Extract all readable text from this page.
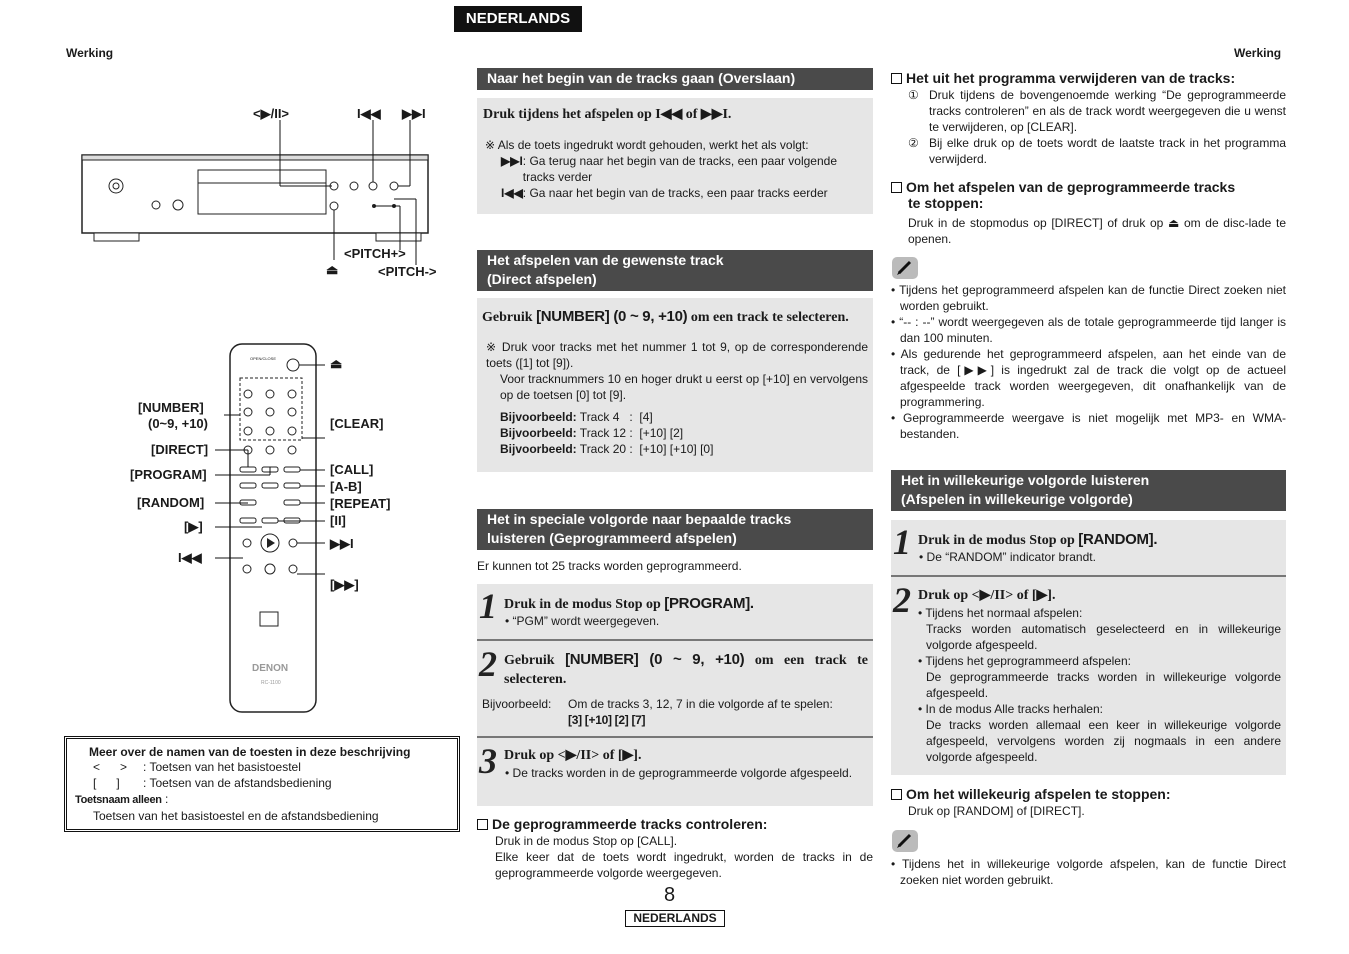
NEDERLANDS
Werking	Werking
<▶/II>	I◀◀ ▶▶I
<PITCH+>
⏏	<PITCH->
⏏
[NUMBER]
(0~9, +10)	[CLEAR]
[DIRECT]
[CALL]
[PROGRAM]
[A-B]
[RANDOM]	[REPEAT]
[▶]	[II]
I◀◀
▶▶I
[▶▶]
OPEN/CLOSE
DENON
RC-1100
Meer over de namen van de toesten in deze beschrijving
<      > : Toetsen van het basistoestel
[      ] : Toetsen van de afstandsbediening
Toetsnaam alleen :
Toetsen van het basistoestel en de afstandsbediening
Naar het begin van de tracks gaan (Overslaan)
Druk tijdens het afspelen op I◀◀ of ▶▶I.
※ Als de toets ingedrukt wordt gehouden, werkt het als volgt:
▶▶I : Ga terug naar het begin van de tracks, een paar volgende tracks verder
I◀◀: Ga naar het begin van de tracks, een paar tracks eerder
Het afspelen van de gewenste track
(Direct afspelen)
Gebruik [NUMBER] (0 ~ 9, +10) om een track te selecteren.
※ Druk voor tracks met het nummer 1 tot 9, op de corresponderende toets ([1] tot [9]).
Voor tracknummers 10 en hoger drukt u eerst op [+10] en vervolgens op de toetsen [0] tot [9].
Bijvoorbeeld: Track 4   :  [4]
Bijvoorbeeld: Track 12 :  [+10] [2]
Bijvoorbeeld: Track 20 :  [+10] [+10] [0]
Het in speciale volgorde naar bepaalde tracks
luisteren (Geprogrammeerd afspelen)
Er kunnen tot 25 tracks worden geprogrammeerd.
1 Druk in de modus Stop op [PROGRAM].
• “PGM” wordt weergegeven.
2 Gebruik [NUMBER] (0 ~ 9, +10) om een track te selecteren.
Bijvoorbeeld: Om de tracks 3, 12, 7 in die volgorde af te spelen:
[3] [+10] [2] [7]
3 Druk op <▶/II> of [▶].
• De tracks worden in de geprogrammeerde volgorde afgespeeld.
De geprogrammeerde tracks controleren:
Druk in de modus Stop op [CALL].
Elke keer dat de toets wordt ingedrukt, worden de tracks in de geprogrammeerde volgorde weergegeven.
Het uit het programma verwijderen van de tracks:
① Druk tijdens de bovengenoemde werking “De geprogrammeerde tracks controleren” en als de track wordt weergegeven die u wenst te verwijderen, op [CLEAR].
② Bij elke druk op de toets wordt de laatste track in het programma verwijderd.
Om het afspelen van de geprogrammeerde tracks
te stoppen:
Druk in de stopmodus op [DIRECT] of druk op ⏏ om de disc-lade te openen.
• Tijdens het geprogrammeerd afspelen kan de functie Direct zoeken niet worden gebruikt.
• “-- : --” wordt weergegeven als de totale geprogrammeerde tijd langer is dan 100 minuten.
• Als gedurende het geprogrammeerd afspelen, aan het einde van de track, de [▶▶] is ingedrukt zal de track die volgt op de actueel afgespeelde track worden weergegeven, dit onafhankelijk van de programmering.
• Geprogrammeerde weergave is niet mogelijk met MP3- en WMA-bestanden.
Het in willekeurige volgorde luisteren
(Afspelen in willekeurige volgorde)
1 Druk in de modus Stop op [RANDOM].
• De “RANDOM” indicator brandt.
2 Druk op <▶/II> of [▶].
• Tijdens het normaal afspelen:
Tracks worden automatisch geselecteerd en in willekeurige volgorde afgespeeld.
• Tijdens het geprogrammeerd afspelen:
De geprogrammeerde tracks worden in willekeurige volgorde afgespeeld.
• In de modus Alle tracks herhalen:
De tracks worden allemaal een keer in willekeurige volgorde afgespeeld, vervolgens worden zij nogmaals in een andere volgorde afgespeeld.
Om het willekeurig afspelen te stoppen:
Druk op [RANDOM] of [DIRECT].
• Tijdens het in willekeurige volgorde afspelen, kan de functie Direct zoeken niet worden gebruikt.
8
NEDERLANDS
